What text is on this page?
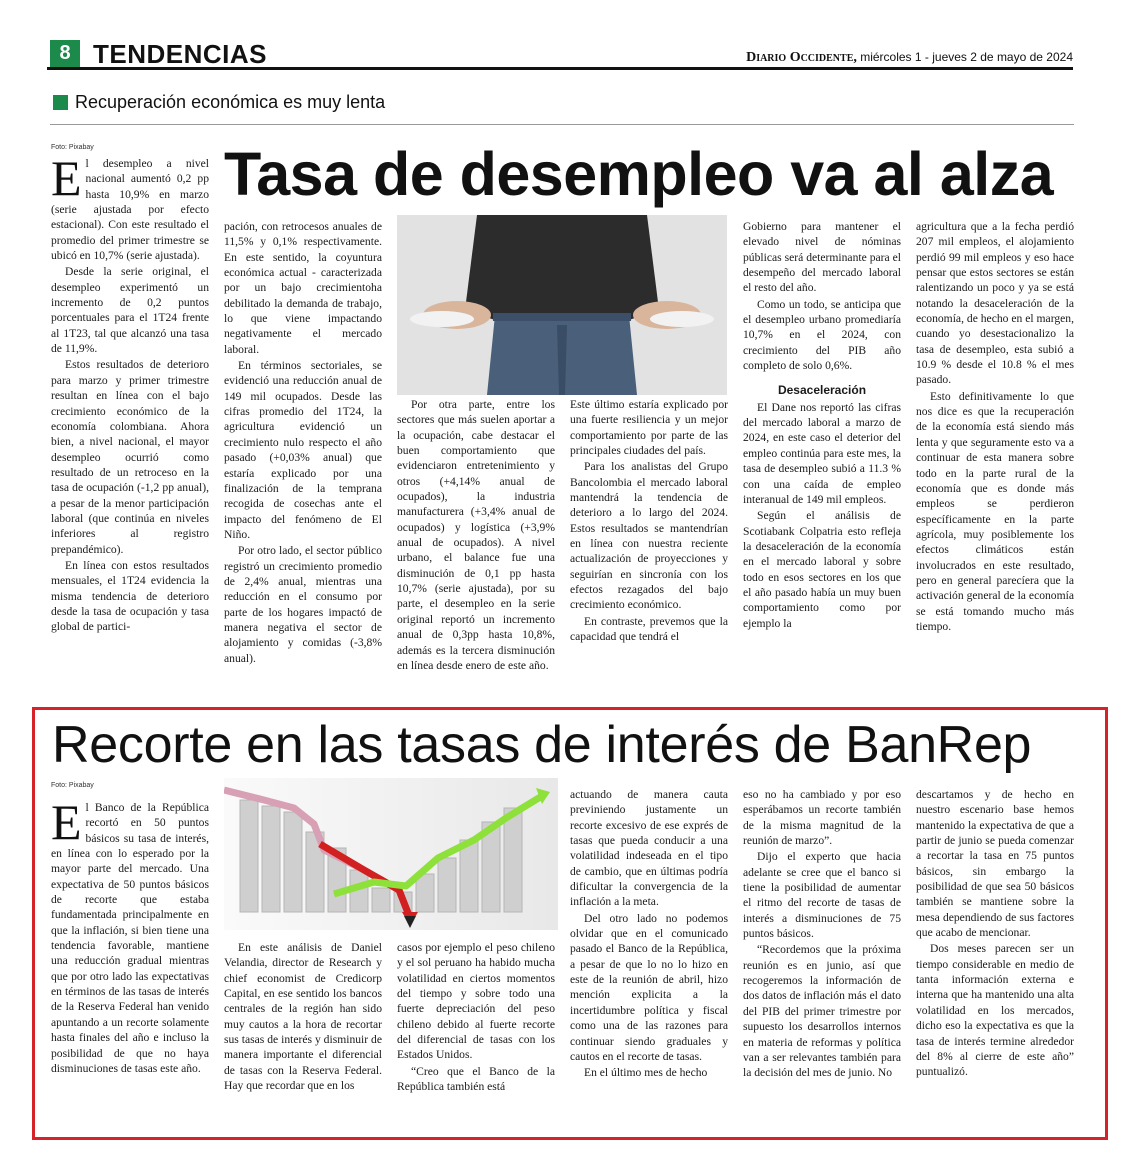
8 TENDENCIAS	Diario Occidente, miércoles 1 - jueves 2 de mayo de 2024
Recuperación económica es muy lenta
Foto: Pixabay Tasa de desempleo va al alza
E l desempleo a nivel nacional aumentó 0,2 pp hasta 10,9% en marzo (serie ajustada por efecto estacional). Con este resultado el promedio del primer trimestre se ubicó en 10,7% (serie ajustada).

Desde la serie original, el desempleo experimentó un incremento de 0,2 puntos porcentuales para el 1T24 frente al 1T23, tal que alcanzó una tasa de 11,9%.

Estos resultados de deterioro para marzo y primer trimestre resultan en línea con el bajo crecimiento económico de la economía colombiana. Ahora bien, a nivel nacional, el mayor desempleo ocurrió como resultado de un retroceso en la tasa de ocupación (-1,2 pp anual), a pesar de la menor participación laboral (que continúa en niveles inferiores al registro prepandémico).

En línea con estos resultados mensuales, el 1T24 evidencia la misma tendencia de deterioro desde la tasa de ocupación y tasa global de partici-

pación, con retrocesos anuales de 11,5% y 0,1% respectivamente. En este sentido, la coyuntura económica actual - caracterizada por un bajo crecimientoha debilitado la demanda de trabajo, lo que viene impactando negativamente el mercado laboral.

En términos sectoriales, se evidenció una reducción anual de 149 mil ocupados. Desde las cifras promedio del 1T24, la agricultura evidenció un crecimiento nulo respecto el año pasado (+0,03% anual) que estaría explicado por una finalización de la temprana recogida de cosechas ante el impacto del fenómeno de El Niño.

Por otro lado, el sector público registró un crecimiento promedio de 2,4% anual, mientras una reducción en el consumo por parte de los hogares impactó de manera negativa el sector de alojamiento y comidas (-3,8% anual).

Por otra parte, entre los sectores que más suelen aportar a la ocupación, cabe destacar el buen comportamiento que evidenciaron entretenimiento y otros (+4,14% anual de ocupados), la industria manufacturera (+3,4% anual de ocupados) y logística (+3,9% anual de ocupados). A nivel urbano, el balance fue una disminución de 0,1 pp hasta 10,7% (serie ajustada), por su parte, el desempleo en la serie original reportó un incremento anual de 0,3pp hasta 10,8%, además es la tercera disminución en línea desde enero de este año.

Este último estaría explicado por una fuerte resiliencia y un mejor comportamiento por parte de las principales ciudades del país.

Para los analistas del Grupo Bancolombia el mercado laboral mantendrá la tendencia de deterioro a lo largo del 2024. Estos resultados se mantendrían en línea con nuestra reciente actualización de proyecciones y seguirían en sincronía con los efectos rezagados del bajo crecimiento económico.

En contraste, prevemos que la capacidad que tendrá el

Gobierno para mantener el elevado nivel de nóminas públicas será determinante para el desempeño del mercado laboral el resto del año.

Como un todo, se anticipa que el desempleo urbano promediaría 10,7% en el 2024, con crecimiento del PIB año completo de solo 0,6%.

Desaceleración

El Dane nos reportó las cifras del mercado laboral a marzo de 2024, en este caso el deterior del empleo continúa para este mes, la tasa de desempleo subió a 11.3 % con una caída de empleo interanual de 149 mil empleos.

Según el análisis de Scotiabank Colpatria esto refleja la desaceleración de la economía en el mercado laboral y sobre todo en esos sectores en los que el año pasado había un muy buen comportamiento como por ejemplo la

agricultura que a la fecha perdió 207 mil empleos, el alojamiento perdió 99 mil empleos y eso hace pensar que estos sectores se están ralentizando un poco y ya se está notando la desaceleración de la economía, de hecho en el margen, cuando yo desestacionalizo la tasa de desempleo, esta subió a 10.9 % desde el 10.8 % el mes pasado.

Esto definitivamente lo que nos dice es que la recuperación de la economía está siendo más lenta y que seguramente esto va a continuar de esta manera sobre todo en la parte rural de la economía que es donde más empleos se perdieron específicamente en la parte agrícola, muy posiblemente los efectos climáticos están involucrados en este resultado, pero en general parecíera que la activación general de la economía se está tomando mucho más tiempo.

Recorte en las tasas de interés de BanRep
Foto: Pixabay
E l Banco de la República recortó en 50 puntos básicos su tasa de interés, en línea con lo esperado por la mayor parte del mercado. Una expectativa de 50 puntos básicos de recorte que estaba fundamentada principalmente en que la inflación, si bien tiene una tendencia favorable, mantiene una reducción gradual mientras que por otro lado las expectativas en términos de las tasas de interés de la Reserva Federal han venido apuntando a un recorte solamente hasta finales del año e incluso la posibilidad de que no haya disminuciones de tasas este año.

En este análisis de Daniel Velandia, director de Research y chief economist de Credicorp Capital, en ese sentido los bancos centrales de la región han sido muy cautos a la hora de recortar sus tasas de interés y disminuir de manera importante el diferencial de tasas con la Reserva Federal. Hay que recordar que en los

casos por ejemplo el peso chileno y el sol peruano ha habido mucha volatilidad en ciertos momentos del tiempo y sobre todo una fuerte depreciación del peso chileno debido al fuerte recorte del diferencial de tasas con los Estados Unidos.

“Creo que el Banco de la República también está

actuando de manera cauta previniendo justamente un recorte excesivo de ese exprés de tasas que pueda conducir a una volatilidad indeseada en el tipo de cambio, que en últimas podría dificultar la convergencia de la inflación a la meta.

Del otro lado no podemos olvidar que en el comunicado pasado el Banco de la República, a pesar de que lo no lo hizo en este de la reunión de abril, hizo mención explicita a la incertidumbre política y fiscal como una de las razones para continuar siendo graduales y cautos en el recorte de tasas.

En el último mes de hecho

eso no ha cambiado y por eso esperábamos un recorte también de la misma magnitud de la reunión de marzo”.

Dijo el experto que hacia adelante se cree que el banco si tiene la posibilidad de aumentar el ritmo del recorte de tasas de interés a disminuciones de 75 puntos básicos.

“Recordemos que la próxima reunión es en junio, así que recogeremos la información de dos datos de inflación más el dato del PIB del primer trimestre por supuesto los desarrollos internos en materia de reformas y política van a ser relevantes también para la decisión del mes de junio. No

descartamos y de hecho en nuestro escenario base hemos mantenido la expectativa de que a partir de junio se pueda comenzar a recortar la tasa en 75 puntos básicos, sin embargo la posibilidad de que sea 50 básicos también se mantiene sobre la mesa dependiendo de sus factores que acabo de mencionar.

Dos meses parecen ser un tiempo considerable en medio de tanta información externa e interna que ha mantenido una alta volatilidad en los mercados, dicho eso la expectativa es que la tasa de interés termine alrededor del 8% al cierre de este año” puntualizó.
